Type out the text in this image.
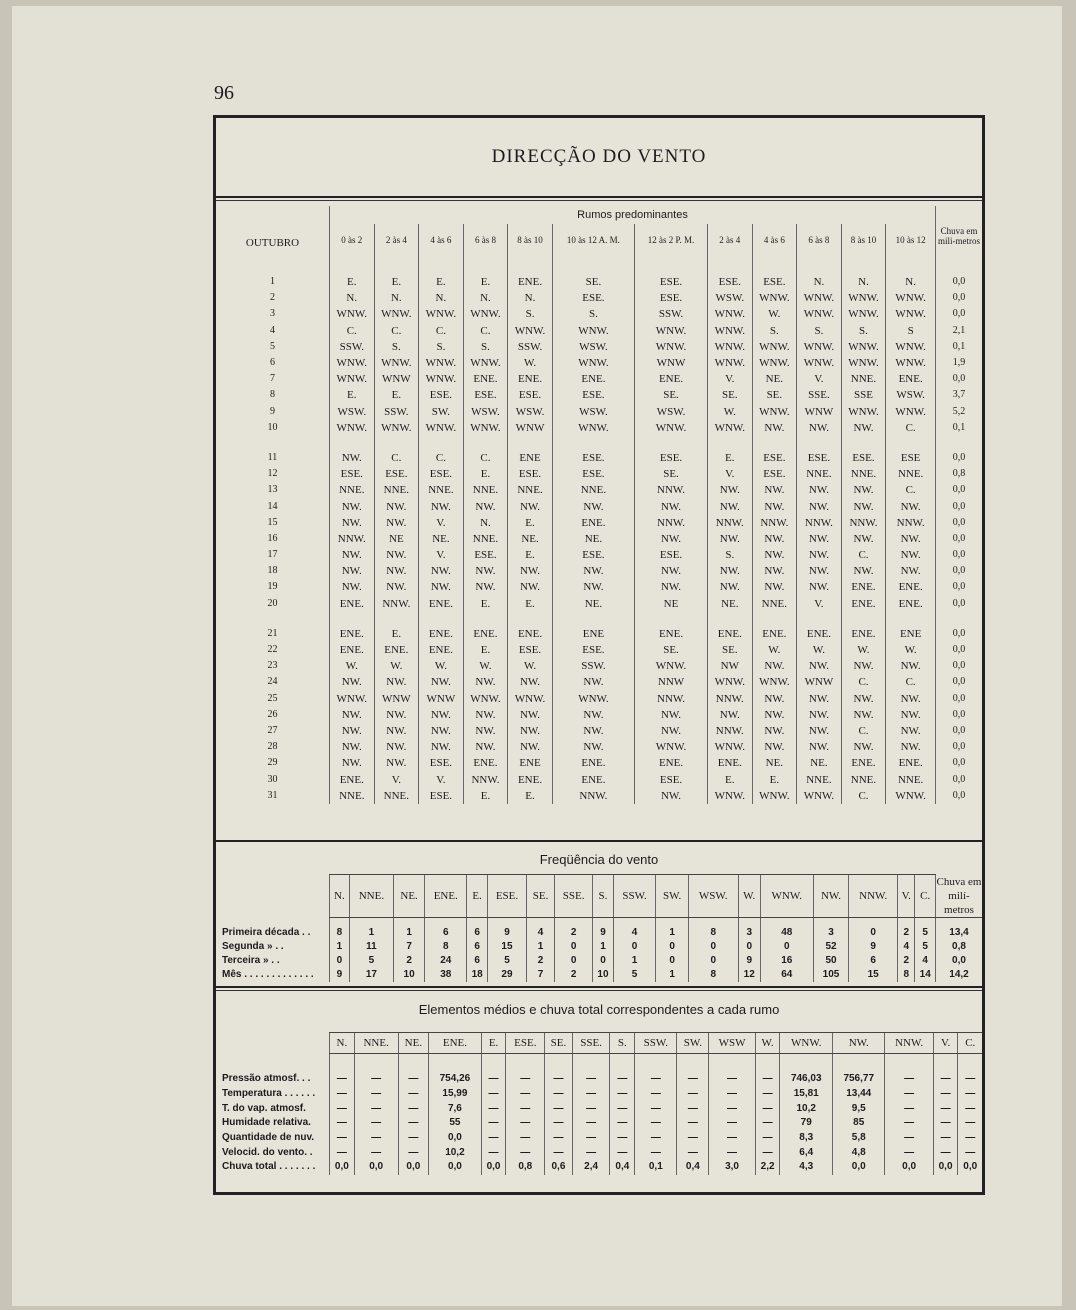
96
DIRECÇÃO DO VENTO
OUTUBRO	Rumos predominantes												Chuva em mili-metros
	0 às 2	2 às 4	4 às 6	6 às 8	8 às 10	10 às 12 A. M.	12 às 2 P. M.	2 às 4	4 às 6	6 às 8	8 às 10	10 às 12	

1	E.	E.	E.	E.	ENE.	SE.	ESE.	ESE.	ESE.	N.	N.	N.	0,0
2	N.	N.	N.	N.	N.	ESE.	ESE.	WSW.	WNW.	WNW.	WNW.	WNW.	0,0
3	WNW.	WNW.	WNW.	WNW.	S.	S.	SSW.	WNW.	W.	WNW.	WNW.	WNW.	0,0
4	C.	C.	C.	C.	WNW.	WNW.	WNW.	WNW.	S.	S.	S.	S	2,1
5	SSW.	S.	S.	S.	SSW.	WSW.	WNW.	WNW.	WNW.	WNW.	WNW.	WNW.	0,1
6	WNW.	WNW.	WNW.	WNW.	W.	WNW.	WNW	WNW.	WNW.	WNW.	WNW.	WNW.	1,9
7	WNW.	WNW	WNW.	ENE.	ENE.	ENE.	ENE.	V.	NE.	V.	NNE.	ENE.	0,0
8	E.	E.	ESE.	ESE.	ESE.	ESE.	SE.	SE.	SE.	SSE.	SSE	WSW.	3,7
9	WSW.	SSW.	SW.	WSW.	WSW.	WSW.	WSW.	W.	WNW.	WNW	WNW.	WNW.	5,2
10	WNW.	WNW.	WNW.	WNW.	WNW	WNW.	WNW.	WNW.	NW.	NW.	NW.	C.	0,1

11	NW.	C.	C.	C.	ENE	ESE.	ESE.	E.	ESE.	ESE.	ESE.	ESE	0,0
12	ESE.	ESE.	ESE.	E.	ESE.	ESE.	SE.	V.	ESE.	NNE.	NNE.	NNE.	0,8
13	NNE.	NNE.	NNE.	NNE.	NNE.	NNE.	NNW.	NW.	NW.	NW.	NW.	C.	0,0
14	NW.	NW.	NW.	NW.	NW.	NW.	NW.	NW.	NW.	NW.	NW.	NW.	0,0
15	NW.	NW.	V.	N.	E.	ENE.	NNW.	NNW.	NNW.	NNW.	NNW.	NNW.	0,0
16	NNW.	NE	NE.	NNE.	NE.	NE.	NW.	NW.	NW.	NW.	NW.	NW.	0,0
17	NW.	NW.	V.	ESE.	E.	ESE.	ESE.	S.	NW.	NW.	C.	NW.	0,0
18	NW.	NW.	NW.	NW.	NW.	NW.	NW.	NW.	NW.	NW.	NW.	NW.	0,0
19	NW.	NW.	NW.	NW.	NW.	NW.	NW.	NW.	NW.	NW.	ENE.	ENE.	0,0
20	ENE.	NNW.	ENE.	E.	E.	NE.	NE	NE.	NNE.	V.	ENE.	ENE.	0,0

21	ENE.	E.	ENE.	ENE.	ENE.	ENE	ENE.	ENE.	ENE.	ENE.	ENE.	ENE	0,0
22	ENE.	ENE.	ENE.	E.	ESE.	ESE.	SE.	SE.	W.	W.	W.	W.	0,0
23	W.	W.	W.	W.	W.	SSW.	WNW.	NW	NW.	NW.	NW.	NW.	0,0
24	NW.	NW.	NW.	NW.	NW.	NW.	NNW	WNW.	WNW.	WNW	C.	C.	0,0
25	WNW.	WNW	WNW	WNW.	WNW.	WNW.	NNW.	NNW.	NW.	NW.	NW.	NW.	0,0
26	NW.	NW.	NW.	NW.	NW.	NW.	NW.	NW.	NW.	NW.	NW.	NW.	0,0
27	NW.	NW.	NW.	NW.	NW.	NW.	NW.	NNW.	NW.	NW.	C.	NW.	0,0
28	NW.	NW.	NW.	NW.	NW.	NW.	WNW.	WNW.	NW.	NW.	NW.	NW.	0,0
29	NW.	NW.	ESE.	ENE.	ENE	ENE.	ENE.	ENE.	NE.	NE.	ENE.	ENE.	0,0
30	ENE.	V.	V.	NNW.	ENE.	ENE.	ESE.	E.	E.	NNE.	NNE.	NNE.	0,0
31	NNE.	NNE.	ESE.	E.	E.	NNW.	NW.	WNW.	WNW.	WNW.	C.	WNW.	0,0
Freqüência do vento
	N.	NNE.	NE.	ENE.	E.	ESE.	SE.	SSE.	S.	SSW.	SW.	WSW.	W.	WNW.	NW.	NNW.	V.	C.	Chuva em milí-metros

Primeira década . .	8	1	1	6	6	9	4	2	9	4	1	8	3	48	3	0	2	5	13,4
Segunda » . .	1	11	7	8	6	15	1	0	1	0	0	0	0	0	52	9	4	5	0,8
Terceira » . .	0	5	2	24	6	5	2	0	0	1	0	0	9	16	50	6	2	4	0,0
Mês . . . . . . . . . . . . .	9	17	10	38	18	29	7	2	10	5	1	8	12	64	105	15	8	14	14,2
Elementos médios e chuva total correspondentes a cada rumo
	N.	NNE.	NE.	ENE.	E.	ESE.	SE.	SSE.	S.	SSW.	SW.	WSW	W.	WNW.	NW.	NNW.	V.	C.

Pressão atmosf. . .	—	—	—	754,26	—	—	—	—	—	—	—	—	—	746,03	756,77	—	—	—
Temperatura . . . . . .	—	—	—	15,99	—	—	—	—	—	—	—	—	—	15,81	13,44	—	—	—
T. do vap. atmosf.	—	—	—	7,6	—	—	—	—	—	—	—	—	—	10,2	9,5	—	—	—
Humidade relativa.	—	—	—	55	—	—	—	—	—	—	—	—	—	79	85	—	—	—
Quantidade de nuv.	—	—	—	0,0	—	—	—	—	—	—	—	—	—	8,3	5,8	—	—	—
Velocid. do vento. .	—	—	—	10,2	—	—	—	—	—	—	—	—	—	6,4	4,8	—	—	—
Chuva total . . . . . . .	0,0	0,0	0,0	0,0	0,0	0,8	0,6	2,4	0,4	0,1	0,4	3,0	2,2	4,3	0,0	0,0	0,0	0,0
